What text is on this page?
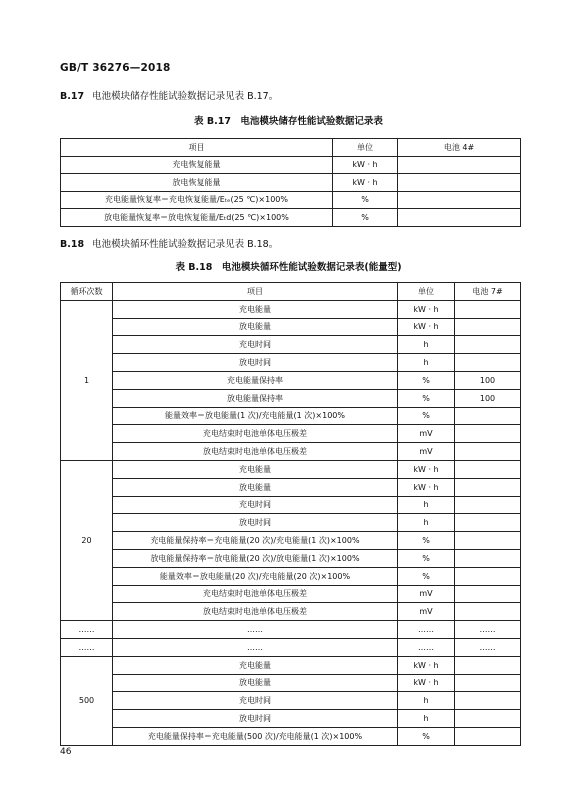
GB/T 36276—2018
B.17 电池模块储存性能试验数据记录见表 B.17。
表 B.17　电池模块储存性能试验数据记录表
项目	单位	电池 4#
充电恢复能量	kW · h	
放电恢复能量	kW · h	
充电能量恢复率＝充电恢复能量/Eₜₑ(25 ℃)×100%	%	
放电能量恢复率＝放电恢复能量/Eₜd(25 ℃)×100%	%	
B.18 电池模块循环性能试验数据记录见表 B.18。
表 B.18　电池模块循环性能试验数据记录表(能量型)
循环次数	项目	单位	电池 7#
1	充电能量	kW · h	
	放电能量	kW · h	
	充电时间	h	
	放电时间	h	
	充电能量保持率	%	100
	放电能量保持率	%	100
	能量效率＝放电能量(1 次)/充电能量(1 次)×100%	%	
	充电结束时电池单体电压极差	mV	
	放电结束时电池单体电压极差	mV	
20	充电能量	kW · h	
	放电能量	kW · h	
	充电时间	h	
	放电时间	h	
	充电能量保持率＝充电能量(20 次)/充电能量(1 次)×100%	%	
	放电能量保持率＝放电能量(20 次)/放电能量(1 次)×100%	%	
	能量效率＝放电能量(20 次)/充电能量(20 次)×100%	%	
	充电结束时电池单体电压极差	mV	
	放电结束时电池单体电压极差	mV	
……	……	……	……
……	……	……	……
500	充电能量	kW · h	
	放电能量	kW · h	
	充电时间	h	
	放电时间	h	
	充电能量保持率＝充电能量(500 次)/充电能量(1 次)×100%	%	
46
